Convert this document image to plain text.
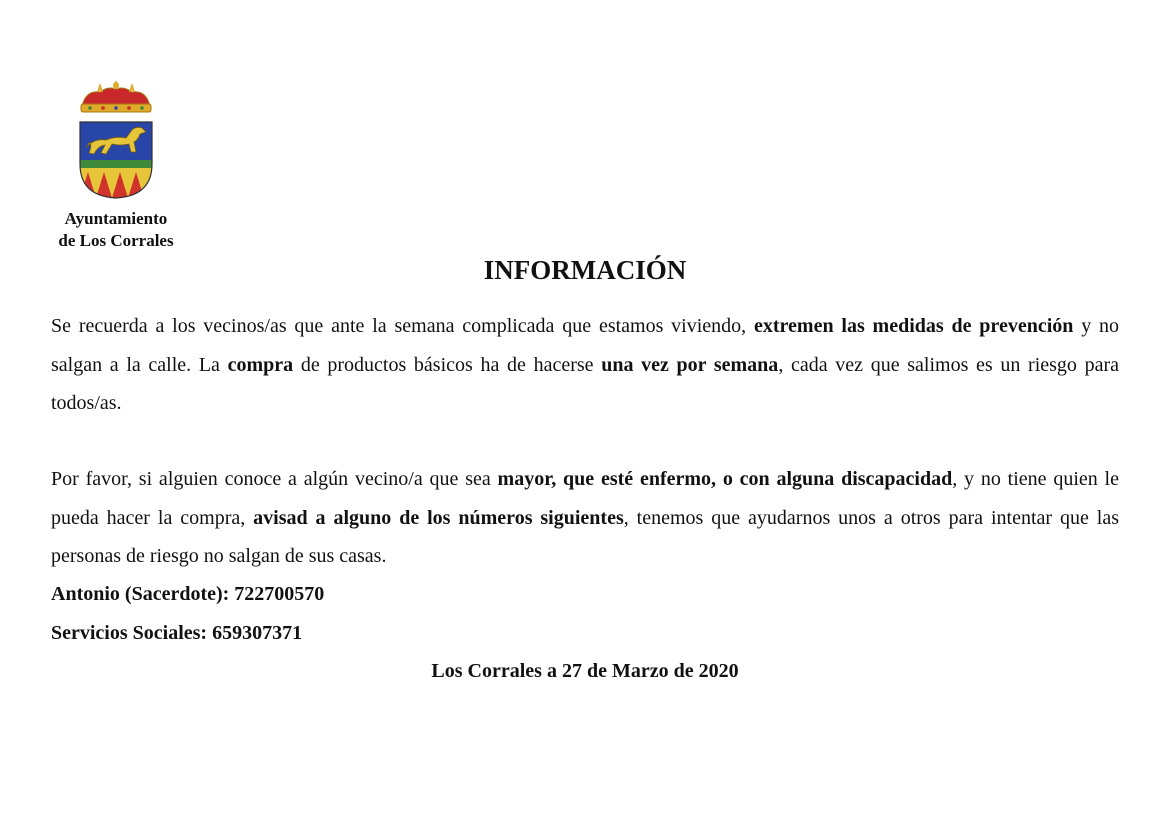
Ayuntamiento
de Los Corrales
INFORMACIÓN

Se recuerda a los vecinos/as que ante la semana complicada que estamos viviendo, extremen las medidas de prevención y no salgan a la calle. La compra de productos básicos ha de hacerse una vez por semana, cada vez que salimos es un riesgo para todos/as.

Por favor, si alguien conoce a algún vecino/a que sea mayor, que esté enfermo, o con alguna discapacidad, y no tiene quien le pueda hacer la compra, avisad a alguno de los números siguientes, tenemos que ayudarnos unos a otros para intentar que las personas de riesgo no salgan de sus casas.

Antonio (Sacerdote): 722700570
Servicios Sociales: 659307371
Los Corrales a 27 de Marzo de 2020
